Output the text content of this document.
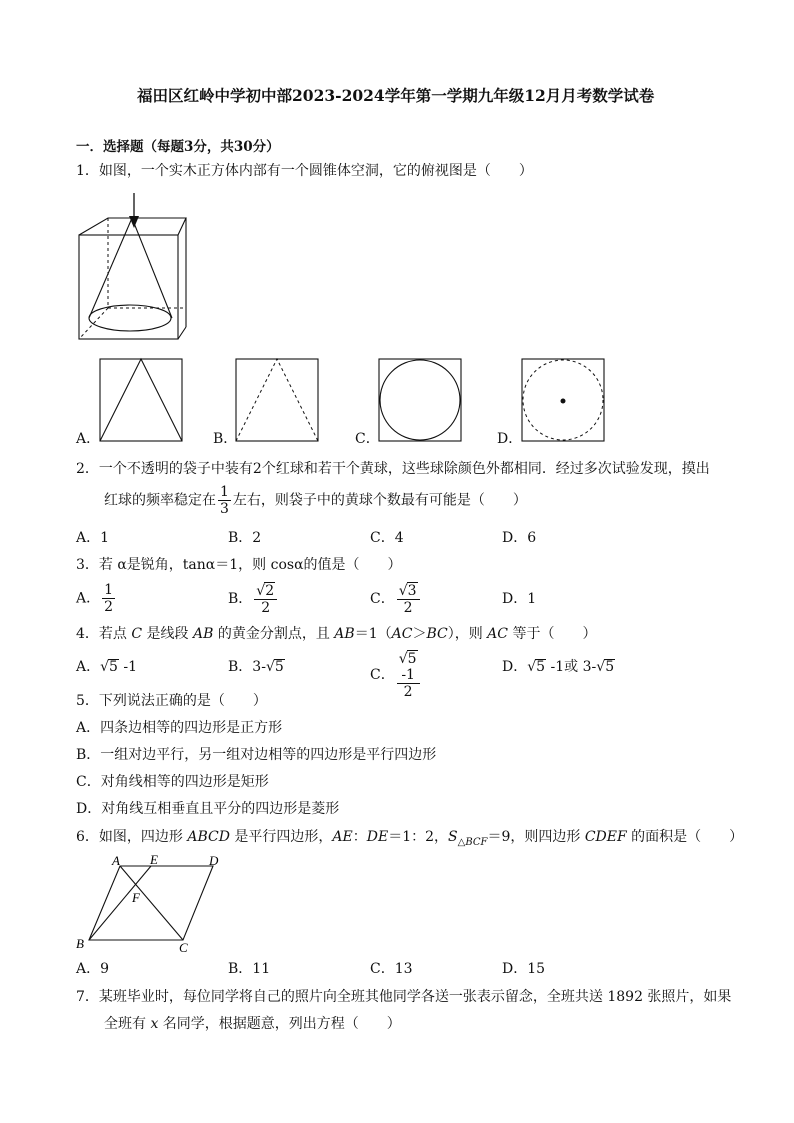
福田区红岭中学初中部2023-2024学年第一学期九年级12月月考数学试卷
一．选择题（每题3分，共30分）
1．如图，一个实木正方体内部有一个圆锥体空洞，它的俯视图是（　　）
A．	B．	C．	D．
2．一个不透明的袋子中装有2个红球和若干个黄球，这些球除颜色外都相同．经过多次试验发现，摸出
红球的频率稳定在 $\frac{1}{3}$ 左右，则袋子中的黄球个数最有可能是（　　）
A．1	B．2	C．4	D．6
3．若 α是锐角，tanα＝1，则 cosα的值是（　　）
A． $\frac{1}{2}$	B． $\frac{√2}{2}$	C． $\frac{√3}{2}$	D．1
4．若点 C 是线段 AB 的黄金分割点，且 AB＝1（AC＞BC），则 AC 等于（　　）
A．√5 -1	B．3-√5	C． √5
-1
2	D．√5 -1或 3-√5
5．下列说法正确的是（　　）
A．四条边相等的四边形是正方形
B．一组对边平行，另一组对边相等的四边形是平行四边形
C．对角线相等的四边形是矩形
D．对角线互相垂直且平分的四边形是菱形
6．如图，四边形 ABCD 是平行四边形，AE：DE＝1：2，$S_{\triangle BCF}=9$，则四边形 CDEF 的面积是（　　）
A E	D
F
B	C
A．9	B．11	C．13	D．15
7．某班毕业时，每位同学将自己的照片向全班其他同学各送一张表示留念，全班共送 1892 张照片，如果
全班有 x 名同学，根据题意，列出方程（　　）
